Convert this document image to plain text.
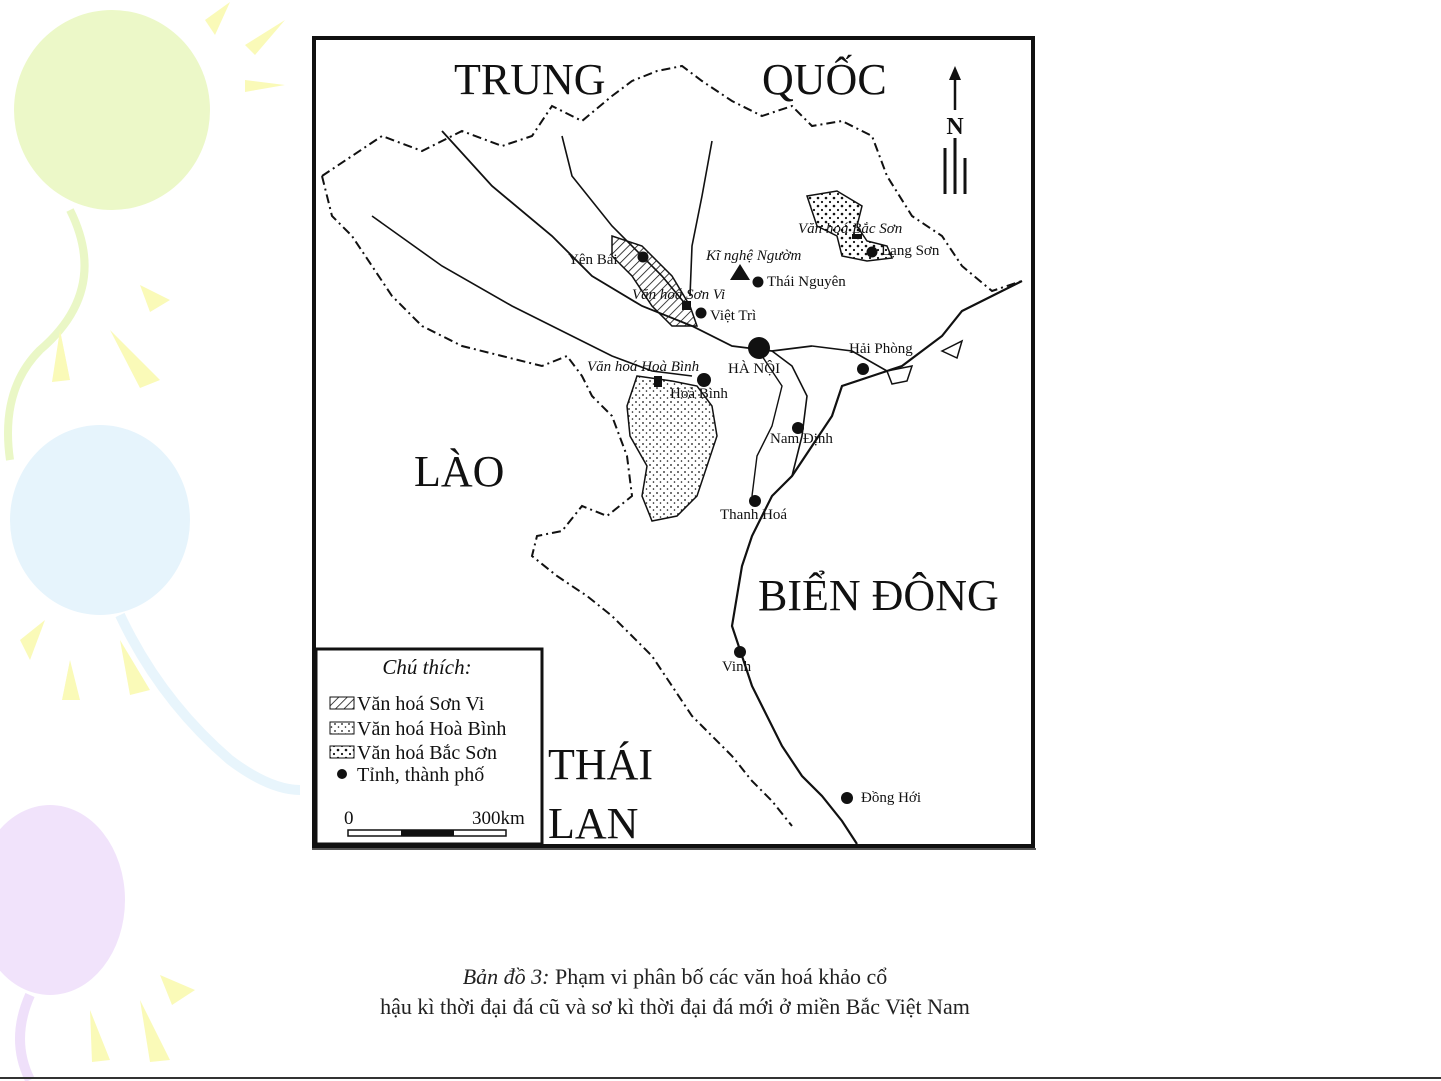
N
TRUNG	QUỐC
LÀO
THÁI
LAN
BIỂN ĐÔNG
Văn hoá Bắc Sơn
Kĩ nghệ Ngườm
Văn hoá Sơn Vi
Văn hoá Hoà Bình
Yên Bái
Lạng Sơn
Thái Nguyên
Việt Trì
HÀ NỘI
Hải Phòng
Hoà Bình
Nam Định
Thanh Hoá
Vinh
Đồng Hới
Chú thích:
Văn hoá Sơn Vi
Văn hoá Hoà Bình
Văn hoá Bắc Sơn
Tỉnh, thành phố
0	300km
Bản đồ 3: Phạm vi phân bố các văn hoá khảo cổ
hậu kì thời đại đá cũ và sơ kì thời đại đá mới ở miền Bắc Việt Nam
